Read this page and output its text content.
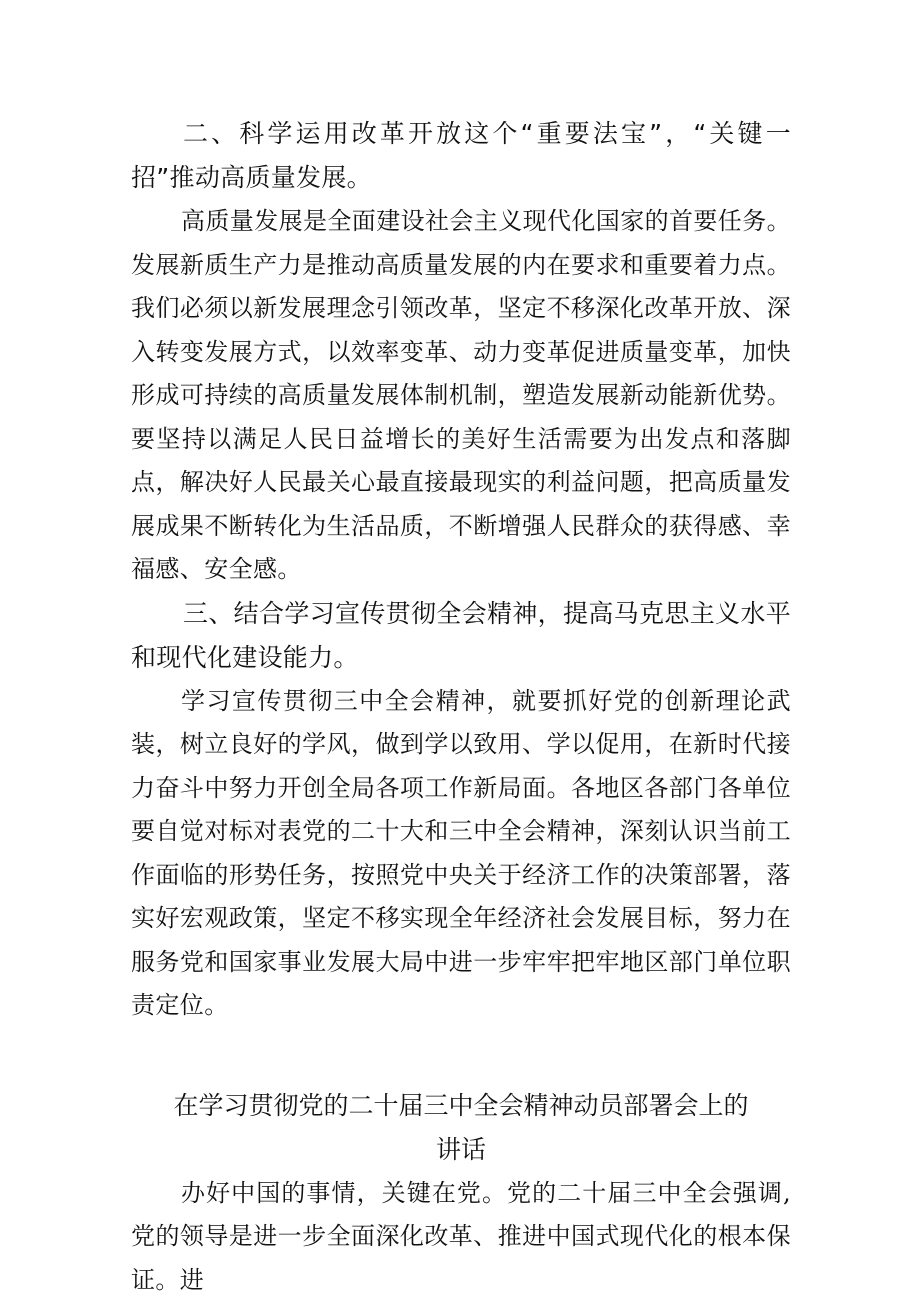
二、科学运用改革开放这个“重要法宝”，“关键一招”推动高质量发展。

高质量发展是全面建设社会主义现代化国家的首要任务。发展新质生产力是推动高质量发展的内在要求和重要着力点。我们必须以新发展理念引领改革，坚定不移深化改革开放、深入转变发展方式，以效率变革、动力变革促进质量变革，加快形成可持续的高质量发展体制机制，塑造发展新动能新优势。要坚持以满足人民日益增长的美好生活需要为出发点和落脚点，解决好人民最关心最直接最现实的利益问题，把高质量发展成果不断转化为生活品质，不断增强人民群众的获得感、幸福感、安全感。

三、结合学习宣传贯彻全会精神，提高马克思主义水平和现代化建设能力。

学习宣传贯彻三中全会精神，就要抓好党的创新理论武装，树立良好的学风，做到学以致用、学以促用，在新时代接力奋斗中努力开创全局各项工作新局面。各地区各部门各单位要自觉对标对表党的二十大和三中全会精神，深刻认识当前工作面临的形势任务，按照党中央关于经济工作的决策部署，落实好宏观政策，坚定不移实现全年经济社会发展目标，努力在服务党和国家事业发展大局中进一步牢牢把牢地区部门单位职责定位。

在学习贯彻党的二十届三中全会精神动员部署会上的

讲话

办好中国的事情，关键在党。党的二十届三中全会强调,党的领导是进一步全面深化改革、推进中国式现代化的根本保证。进
